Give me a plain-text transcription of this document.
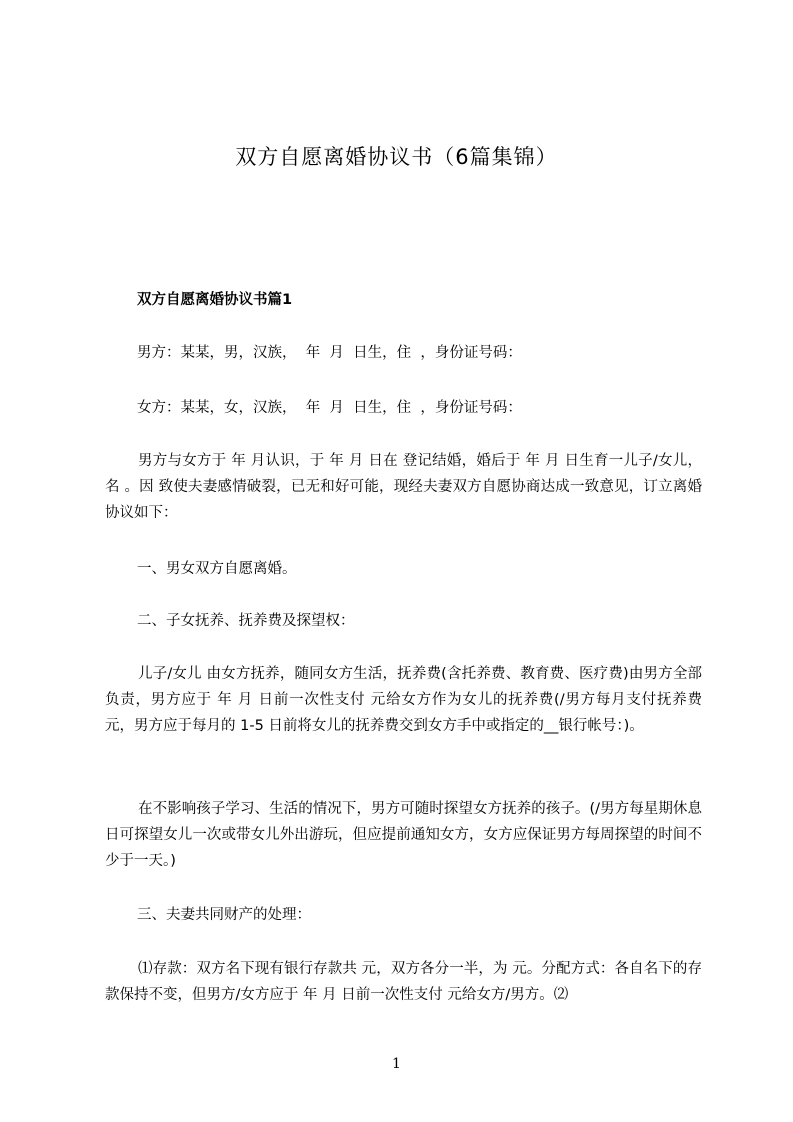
双方自愿离婚协议书（6篇集锦）
双方自愿离婚协议书篇1
男方：某某，男，汉族，  年  月  日生，住  ，身份证号码：
女方：某某，女，汉族，  年  月  日生，住  ，身份证号码：
男方与女方于 年 月认识，于 年 月 日在 登记结婚，婚后于 年 月 日生育一儿子/女儿，名 。因 致使夫妻感情破裂，已无和好可能，现经夫妻双方自愿协商达成一致意见，订立离婚协议如下：
一、男女双方自愿离婚。
二、子女抚养、抚养费及探望权：
儿子/女儿 由女方抚养，随同女方生活，抚养费(含托养费、教育费、医疗费)由男方全部负责，男方应于 年 月 日前一次性支付 元给女方作为女儿的抚养费(/男方每月支付抚养费 元，男方应于每月的 1-5 日前将女儿的抚养费交到女方手中或指定的__银行帐号：)。
在不影响孩子学习、生活的情况下，男方可随时探望女方抚养的孩子。(/男方每星期休息日可探望女儿一次或带女儿外出游玩，但应提前通知女方，女方应保证男方每周探望的时间不少于一天。)
三、夫妻共同财产的处理：
⑴存款：双方名下现有银行存款共 元，双方各分一半，为 元。分配方式：各自名下的存款保持不变，但男方/女方应于 年 月 日前一次性支付 元给女方/男方。⑵
1
